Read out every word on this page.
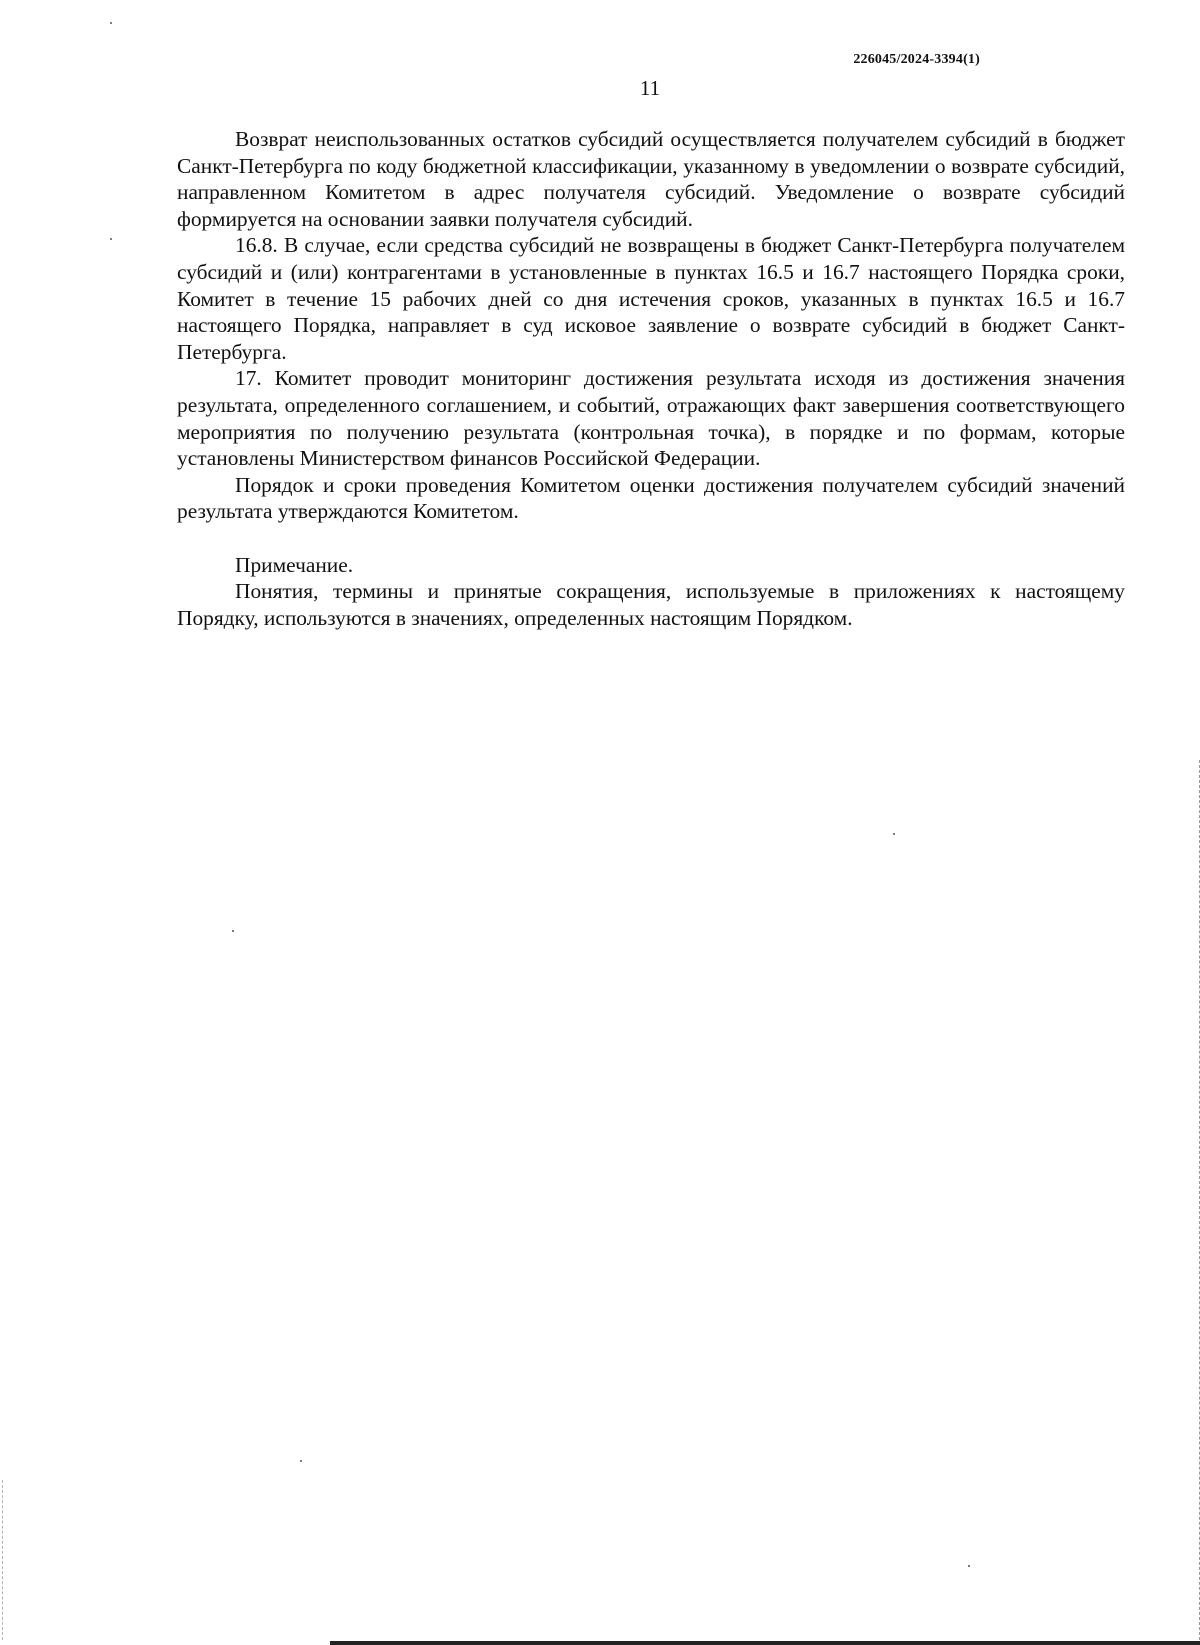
226045/2024-3394(1)
11

Возврат неиспользованных остатков субсидий осуществляется получателем субсидий в бюджет Санкт-Петербурга по коду бюджетной классификации, указанному в уведомлении о возврате субсидий, направленном Комитетом в адрес получателя субсидий. Уведомление о возврате субсидий формируется на основании заявки получателя субсидий.

16.8. В случае, если средства субсидий не возвращены в бюджет Санкт-Петербурга получателем субсидий и (или) контрагентами в установленные в пунктах 16.5 и 16.7 настоящего Порядка сроки, Комитет в течение 15 рабочих дней со дня истечения сроков, указанных в пунктах 16.5 и 16.7 настоящего Порядка, направляет в суд исковое заявление о возврате субсидий в бюджет Санкт-Петербурга.

17. Комитет проводит мониторинг достижения результата исходя из достижения значения результата, определенного соглашением, и событий, отражающих факт завершения соответствующего мероприятия по получению результата (контрольная точка), в порядке и по формам, которые установлены Министерством финансов Российской Федерации.

Порядок и сроки проведения Комитетом оценки достижения получателем субсидий значений результата утверждаются Комитетом.

Примечание.

Понятия, термины и принятые сокращения, используемые в приложениях к настоящему Порядку, используются в значениях, определенных настоящим Порядком.
